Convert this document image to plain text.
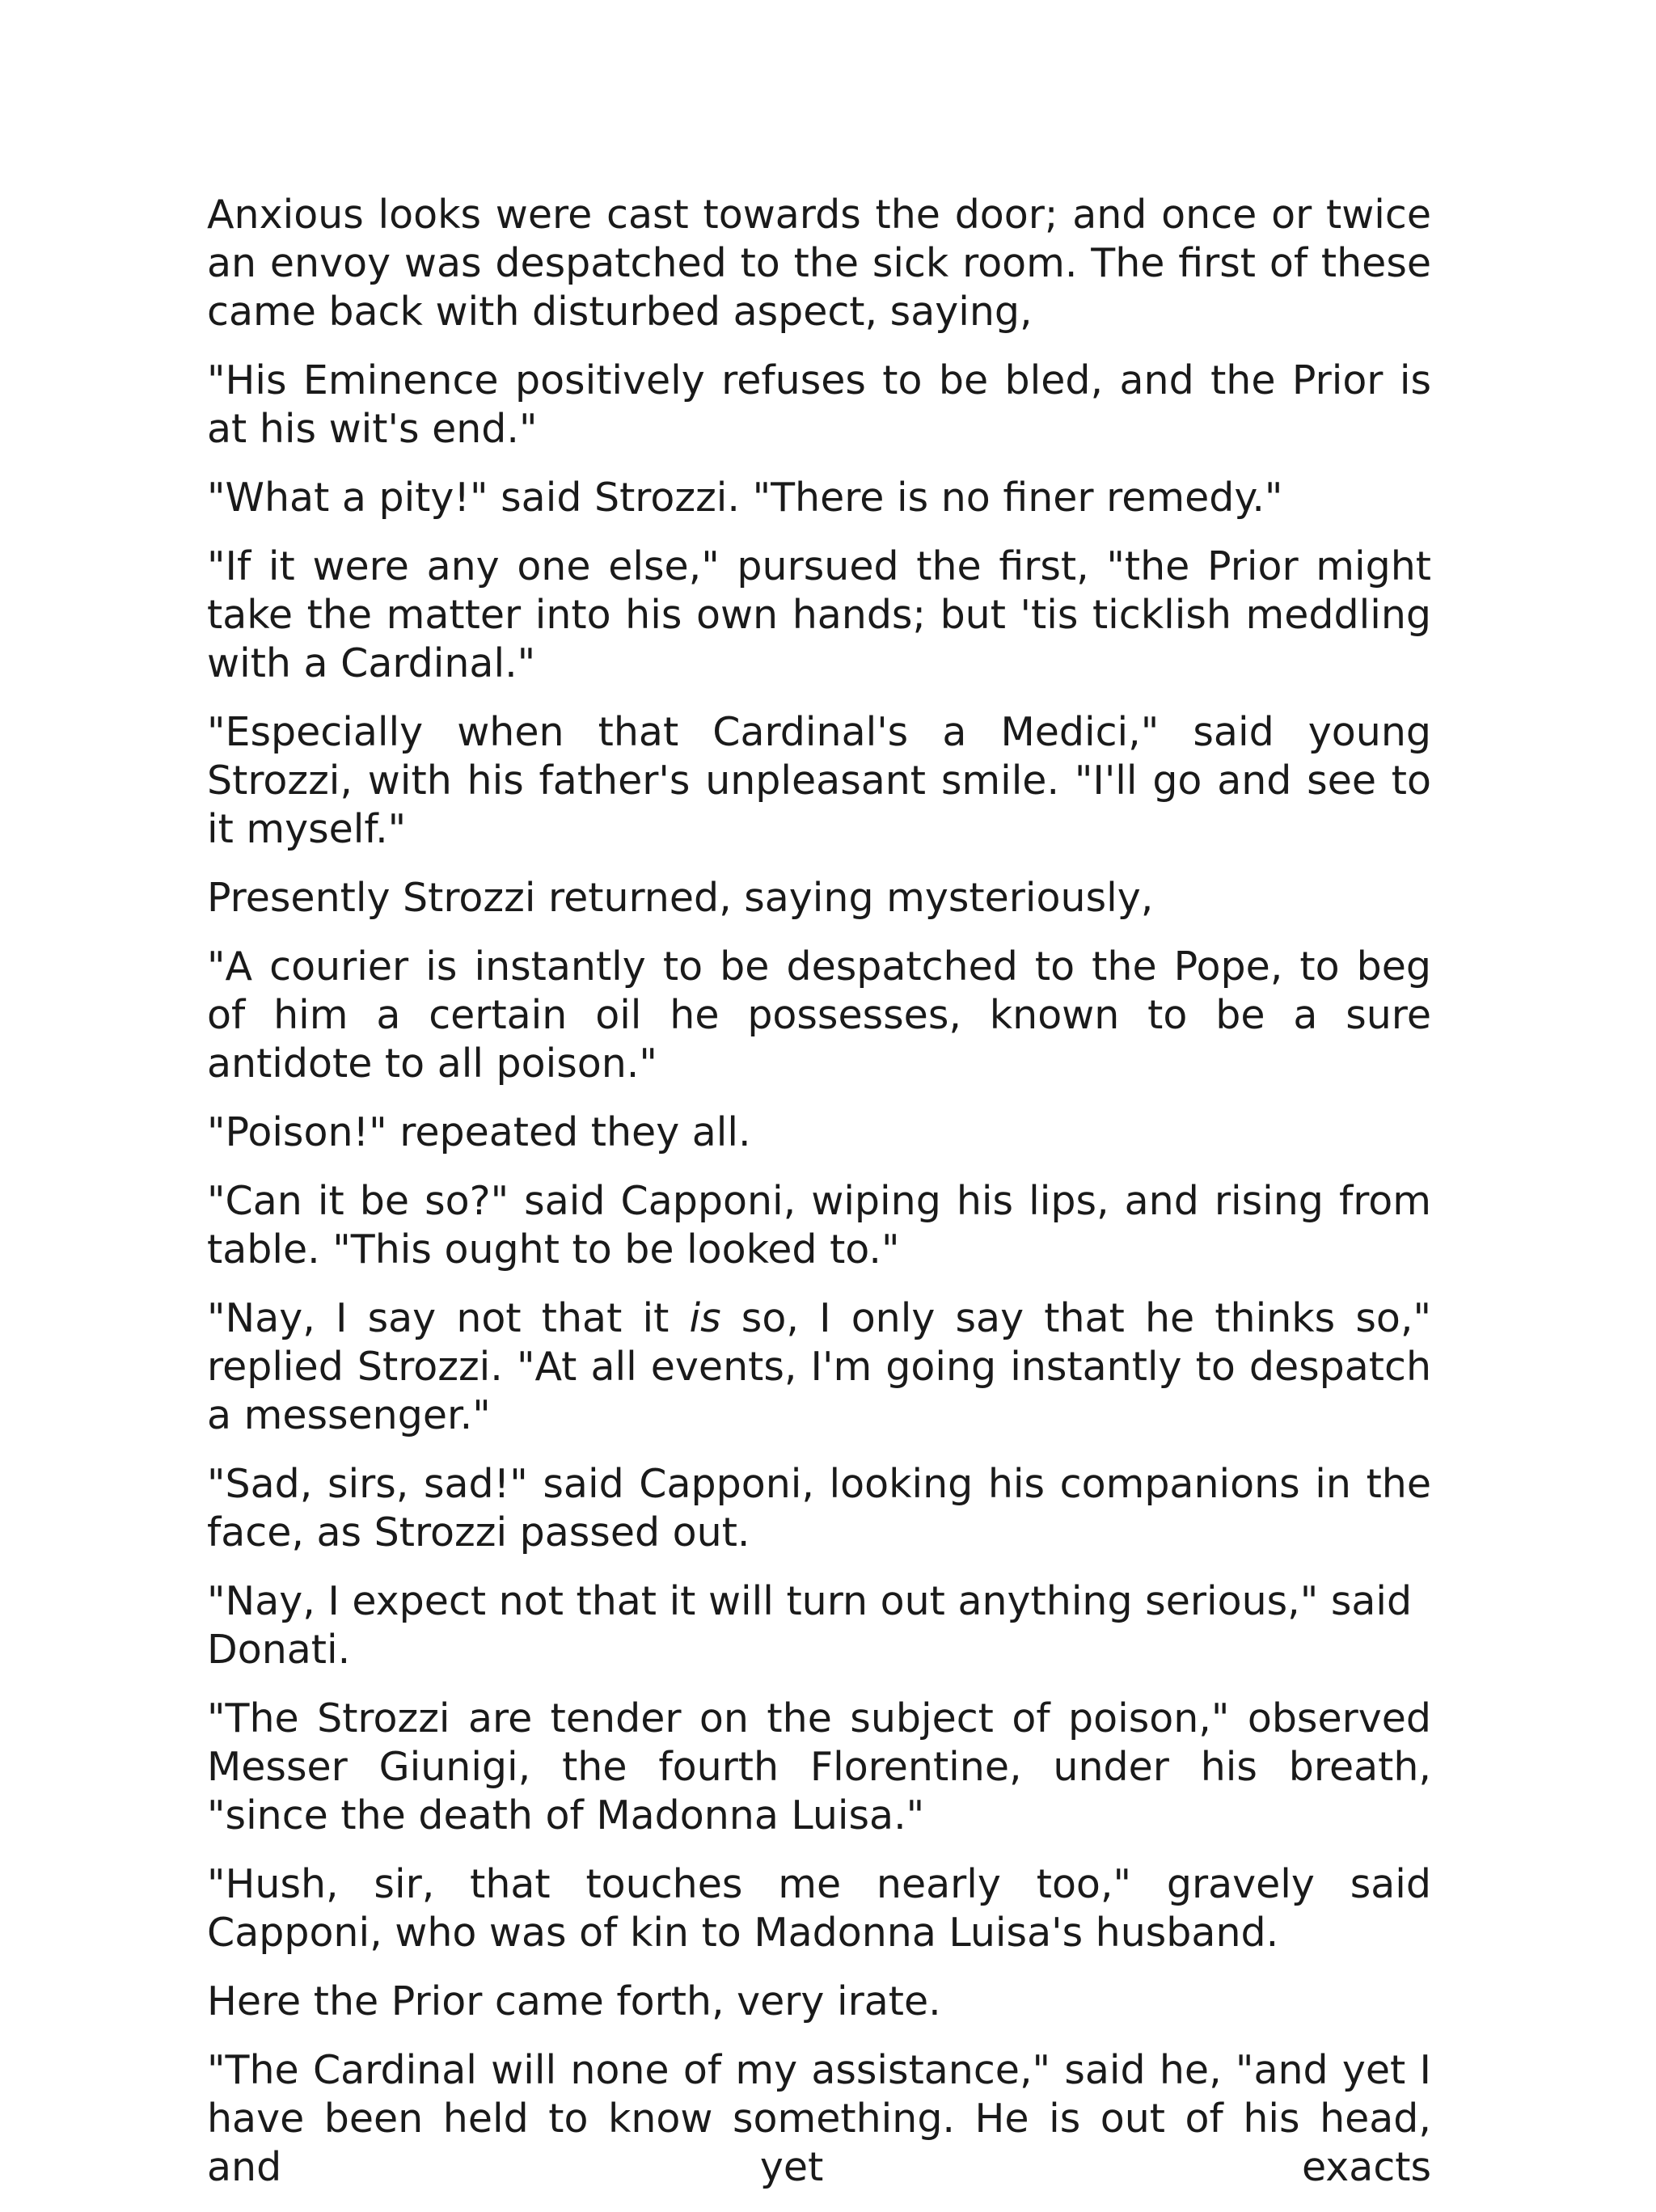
Anxious looks were cast towards the door; and once or twice an envoy was despatched to the sick room. The first of these came back with disturbed aspect, saying,

"His Eminence positively refuses to be bled, and the Prior is at his wit's end."

"What a pity!" said Strozzi. "There is no finer remedy."

"If it were any one else," pursued the first, "the Prior might take the matter into his own hands; but 'tis ticklish meddling with a Cardinal."

"Especially when that Cardinal's a Medici," said young Strozzi, with his father's unpleasant smile. "I'll go and see to it myself."

Presently Strozzi returned, saying mysteriously,

"A courier is instantly to be despatched to the Pope, to beg of him a certain oil he possesses, known to be a sure antidote to all poison."

"Poison!" repeated they all.

"Can it be so?" said Capponi, wiping his lips, and rising from table. "This ought to be looked to."

"Nay, I say not that it is so, I only say that he thinks so," replied Strozzi. "At all events, I'm going instantly to despatch a messenger."

"Sad, sirs, sad!" said Capponi, looking his companions in the face, as Strozzi passed out.

"Nay, I expect not that it will turn out anything serious," said Donati.

"The Strozzi are tender on the subject of poison," observed Messer Giunigi, the fourth Florentine, under his breath, "since the death of Madonna Luisa."

"Hush, sir, that touches me nearly too," gravely said Capponi, who was of kin to Madonna Luisa's husband.

Here the Prior came forth, very irate.

"The Cardinal will none of my assistance," said he, "and yet I have been held to know something. He is out of his head, and yet exacts
